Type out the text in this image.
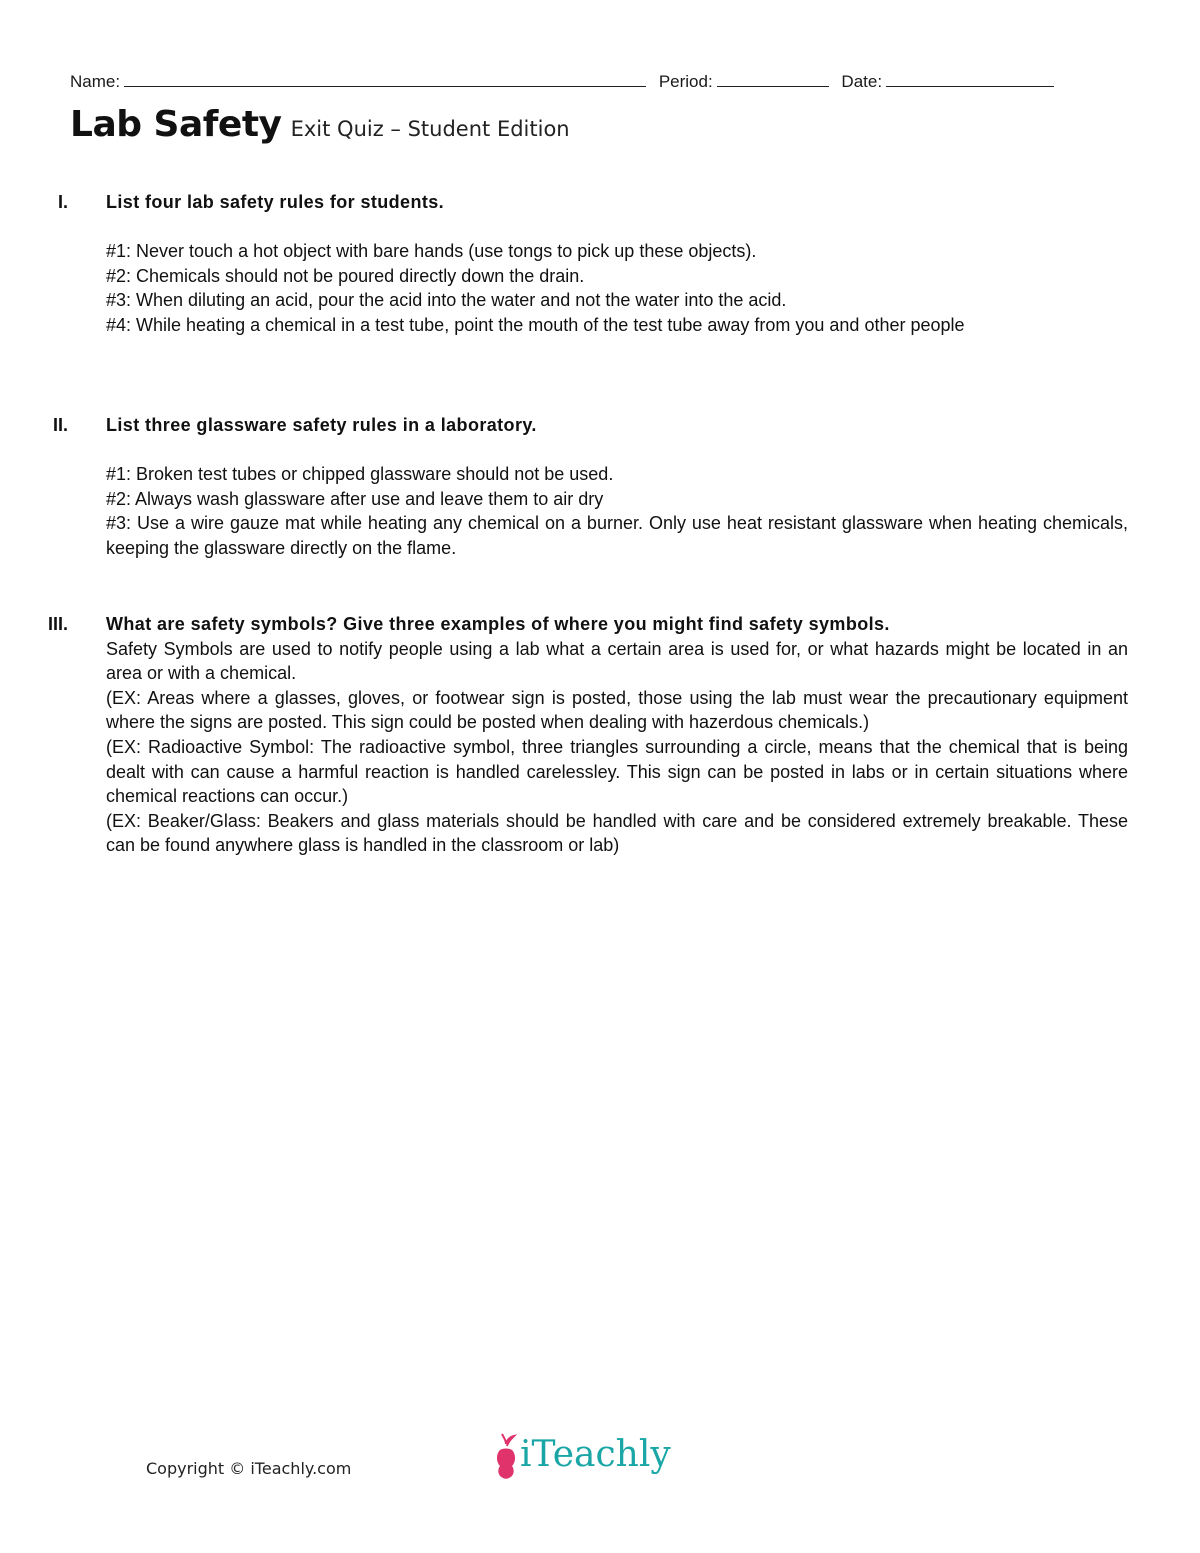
Name:	Period:	Date:
Lab Safety Exit Quiz – Student Edition
I.	List four lab safety rules for students.

#1: Never touch a hot object with bare hands (use tongs to pick up these objects).

#2: Chemicals should not be poured directly down the drain.

#3: When diluting an acid, pour the acid into the water and not the water into the acid.

#4: While heating a chemical in a test tube, point the mouth of the test tube away from you and other people

II.	List three glassware safety rules in a laboratory.

#1: Broken test tubes or chipped glassware should not be used.

#2: Always wash glassware after use and leave them to air dry

#3: Use a wire gauze mat while heating any chemical on a burner. Only use heat resistant glassware when heating chemicals, keeping the glassware directly on the flame.

III.	What are safety symbols? Give three examples of where you might find safety symbols.

Safety Symbols are used to notify people using a lab what a certain area is used for, or what hazards might be located in an area or with a chemical.

(EX: Areas where a glasses, gloves, or footwear sign is posted, those using the lab must wear the precautionary equipment where the signs are posted. This sign could be posted when dealing with hazerdous chemicals.)

(EX: Radioactive Symbol: The radioactive symbol, three triangles surrounding a circle, means that the chemical that is being dealt with can cause a harmful reaction is handled carelessley. This sign can be posted in labs or in certain situations where chemical reactions can occur.)

(EX: Beaker/Glass: Beakers and glass materials should be handled with care and be considered extremely breakable. These can be found anywhere glass is handled in the classroom or lab)

Copyright © iTeachly.com	iTeachly
